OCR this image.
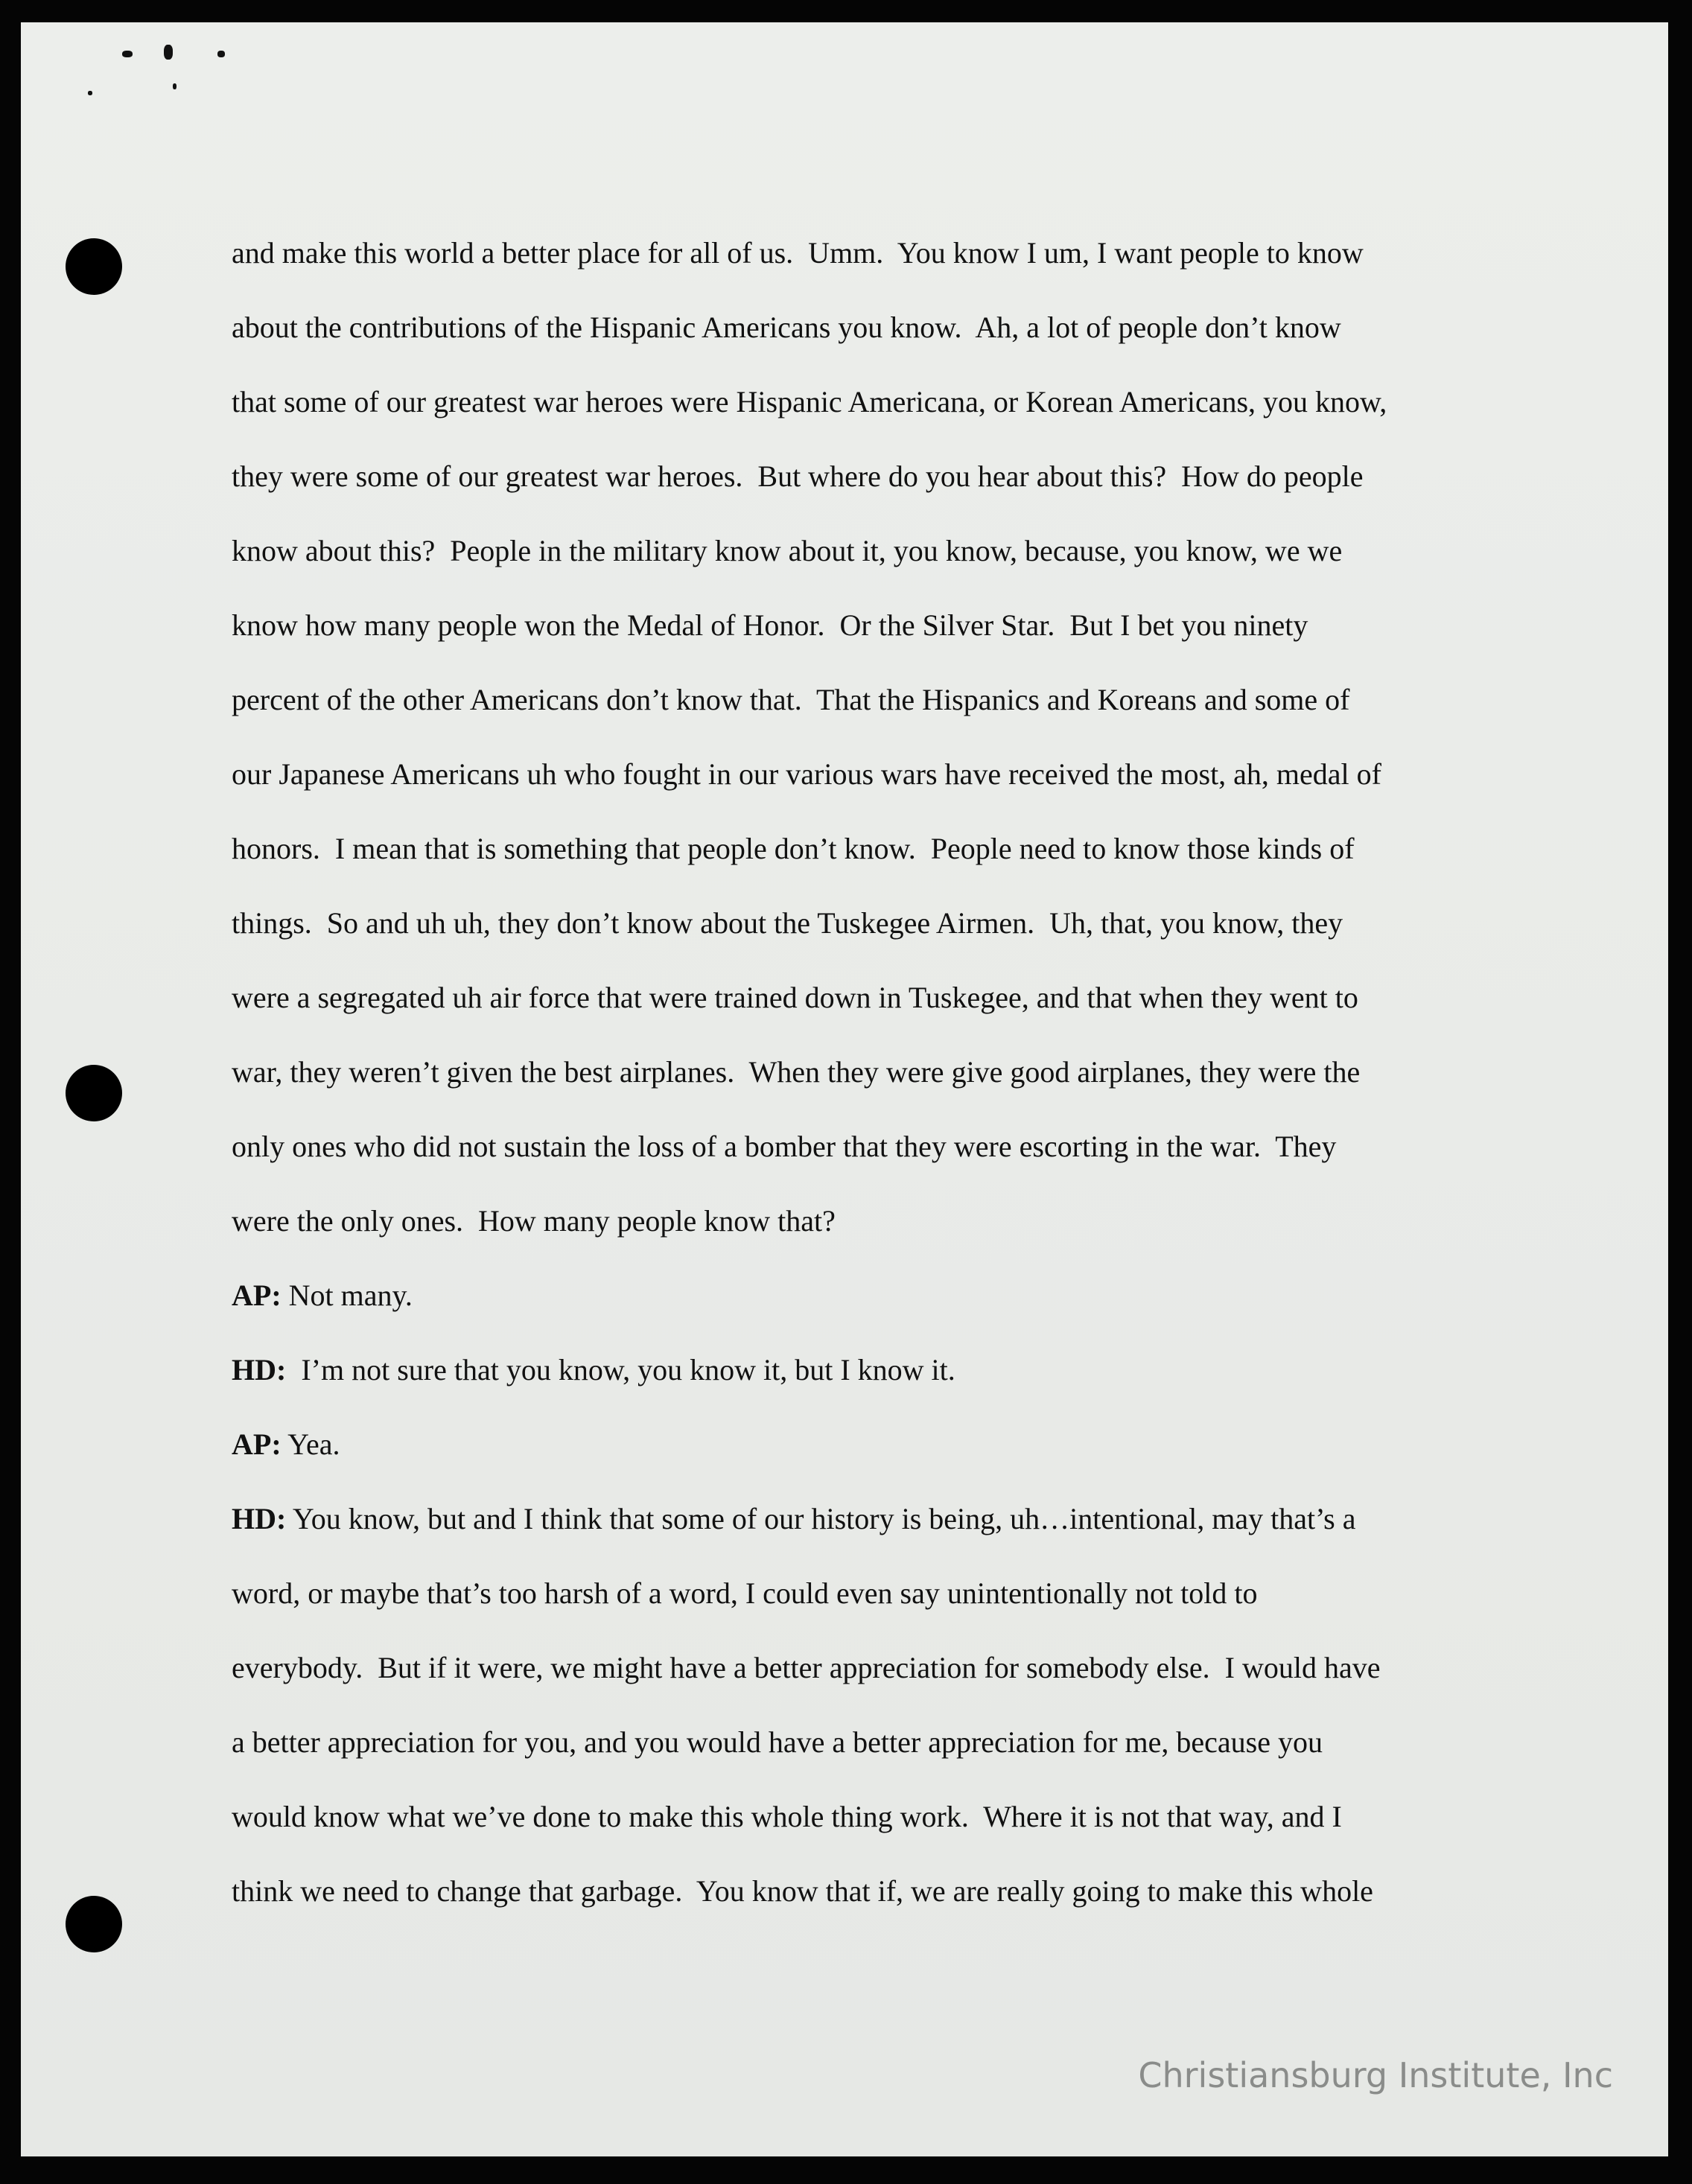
and make this world a better place for all of us.  Umm.  You know I um, I want people to know
about the contributions of the Hispanic Americans you know.  Ah, a lot of people don’t know
that some of our greatest war heroes were Hispanic Americana, or Korean Americans, you know,
they were some of our greatest war heroes.  But where do you hear about this?  How do people
know about this?  People in the military know about it, you know, because, you know, we we
know how many people won the Medal of Honor.  Or the Silver Star.  But I bet you ninety
percent of the other Americans don’t know that.  That the Hispanics and Koreans and some of
our Japanese Americans uh who fought in our various wars have received the most, ah, medal of
honors.  I mean that is something that people don’t know.  People need to know those kinds of
things.  So and uh uh, they don’t know about the Tuskegee Airmen.  Uh, that, you know, they
were a segregated uh air force that were trained down in Tuskegee, and that when they went to
war, they weren’t given the best airplanes.  When they were give good airplanes, they were the
only ones who did not sustain the loss of a bomber that they were escorting in the war.  They
were the only ones.  How many people know that?
AP: Not many.
HD:  I’m not sure that you know, you know it, but I know it.
AP: Yea.
HD: You know, but and I think that some of our history is being, uh…intentional, may that’s a
word, or maybe that’s too harsh of a word, I could even say unintentionally not told to
everybody.  But if it were, we might have a better appreciation for somebody else.  I would have
a better appreciation for you, and you would have a better appreciation for me, because you
would know what we’ve done to make this whole thing work.  Where it is not that way, and I
think we need to change that garbage.  You know that if, we are really going to make this whole
Christiansburg Institute, Inc
